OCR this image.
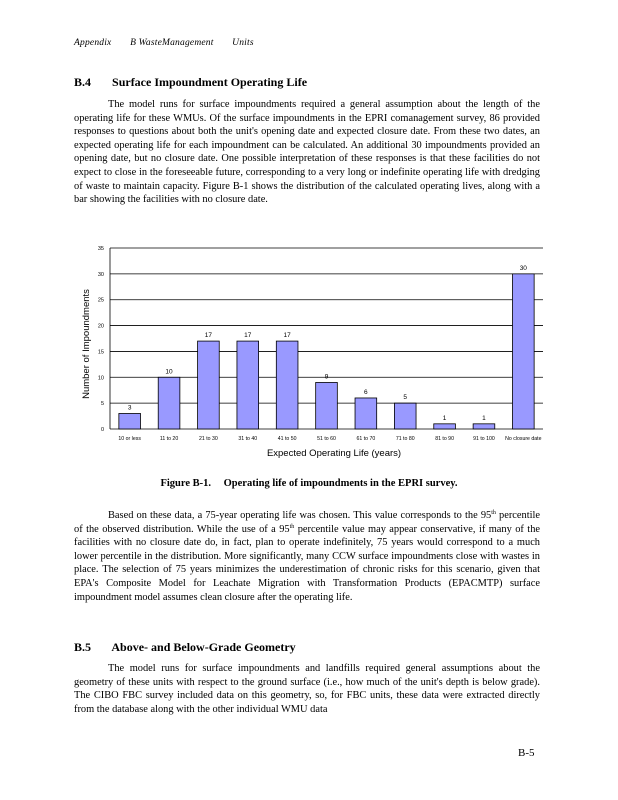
Appendix B WasteManagement Units
B.4 Surface Impoundment Operating Life

The model runs for surface impoundments required a general assumption about the length of the operating life for these WMUs. Of the surface impoundments in the EPRI comanagement survey, 86 provided responses to questions about both the unit's opening date and expected closure date. From these two dates, an expected operating life for each impoundment can be calculated. An additional 30 impoundments provided an opening date, but no closure date. One possible interpretation of these responses is that these facilities do not expect to close in the foreseeable future, corresponding to a very long or indefinite operating life with dredging of waste to maintain capacity. Figure B-1 shows the distribution of the calculated operating lives, along with a bar showing the facilities with no closure date.

0
5
10
15
20
25
30
35
3
10
17	17	17
9
6
5
1	1
30
10 or less	11 to 20	21 to 30	31 to 40	41 to 50	51 to 60	61 to 70	71 to 80	81 to 90	91 to 100 No closure date
Number of Impoundments
Expected Operating Life (years)
Figure B-1. Operating life of impoundments in the EPRI survey.

Based on these data, a 75-year operating life was chosen. This value corresponds to the 95th percentile of the observed distribution. While the use of a 95th percentile value may appear conservative, if many of the facilities with no closure date do, in fact, plan to operate indefinitely, 75 years would correspond to a much lower percentile in the distribution. More significantly, many CCW surface impoundments close with wastes in place. The selection of 75 years minimizes the underestimation of chronic risks for this scenario, given that EPA's Composite Model for Leachate Migration with Transformation Products (EPACMTP) surface impoundment model assumes clean closure after the operating life.

B.5 Above- and Below-Grade Geometry

The model runs for surface impoundments and landfills required general assumptions about the geometry of these units with respect to the ground surface (i.e., how much of the unit's depth is below grade). The CIBO FBC survey included data on this geometry, so, for FBC units, these data were extracted directly from the database along with the other individual WMU data

B-5
